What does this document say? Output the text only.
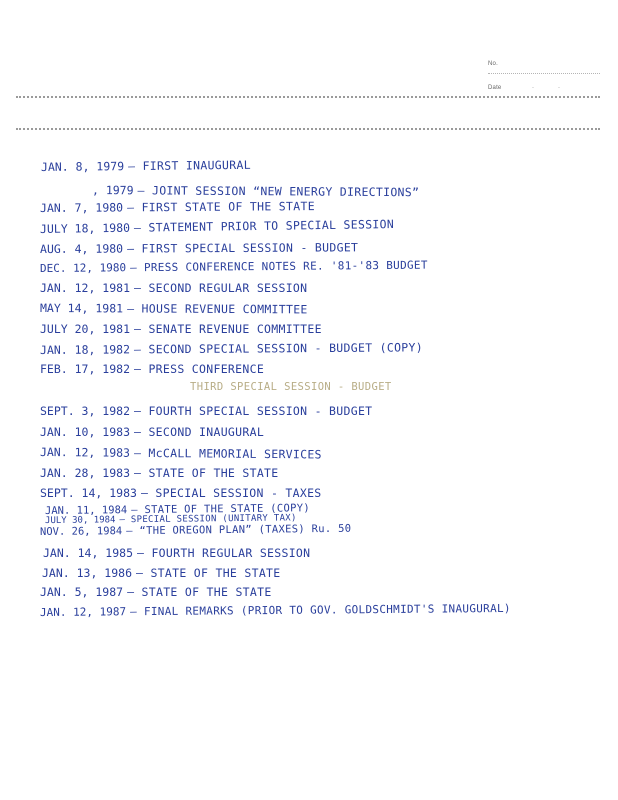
No.
Date	·	·
JAN. 8, 1979 — FIRST INAUGURAL
, 1979 — JOINT SESSION “NEW ENERGY DIRECTIONS”
JAN. 7, 1980 — FIRST STATE OF THE STATE
JULY 18, 1980 — STATEMENT PRIOR TO SPECIAL SESSION
AUG. 4, 1980 — FIRST SPECIAL SESSION - BUDGET
DEC. 12, 1980 — PRESS CONFERENCE NOTES RE. '81-'83 BUDGET
JAN. 12, 1981 — SECOND REGULAR SESSION
MAY 14, 1981 — HOUSE REVENUE COMMITTEE
JULY 20, 1981 — SENATE REVENUE COMMITTEE
JAN. 18, 1982 — SECOND SPECIAL SESSION - BUDGET (COPY)
FEB. 17, 1982 — PRESS CONFERENCE
THIRD SPECIAL SESSION - BUDGET
SEPT. 3, 1982 — FOURTH SPECIAL SESSION - BUDGET
JAN. 10, 1983 — SECOND INAUGURAL
JAN. 12, 1983 — McCALL MEMORIAL SERVICES
JAN. 28, 1983 — STATE OF THE STATE
SEPT. 14, 1983 — SPECIAL SESSION - TAXES
JAN. 11, 1984 — STATE OF THE STATE (COPY)
JULY 30, 1984 — SPECIAL SESSION (UNITARY TAX)
NOV. 26, 1984 — “THE OREGON PLAN” (TAXES) Ru. 50
JAN. 14, 1985 — FOURTH REGULAR SESSION
JAN. 13, 1986 — STATE OF THE STATE
JAN. 5, 1987 — STATE OF THE STATE
JAN. 12, 1987 — FINAL REMARKS (PRIOR TO GOV. GOLDSCHMIDT'S INAUGURAL)
